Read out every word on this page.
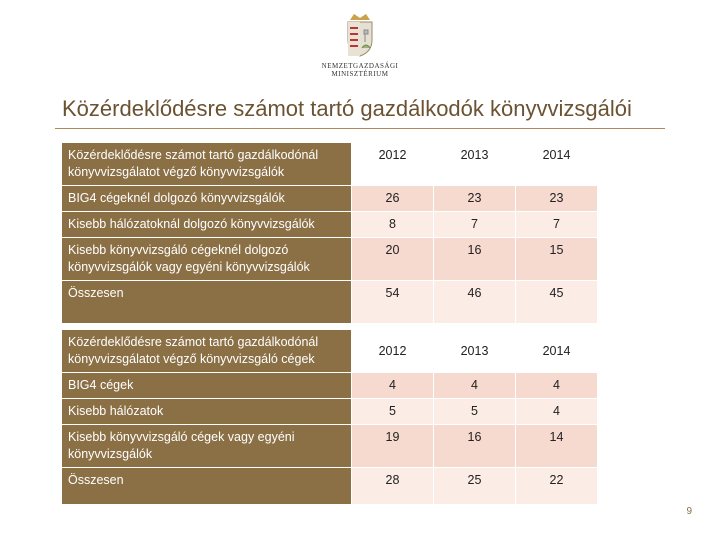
NEMZETGAZDASÁGI
MINISZTÉRIUM
Közérdeklődésre számot tartó gazdálkodók könyvvizsgálói
Közérdeklődésre számot tartó gazdálkodónál könyvvizsgálatot végző könyvvizsgálók	2012	2013	2014
BIG4 cégeknél dolgozó könyvvizsgálók	26	23	23
Kisebb hálózatoknál dolgozó könyvvizsgálók	8	7	7
Kisebb könyvvizsgáló cégeknél dolgozó könyvvizsgálók vagy egyéni könyvvizsgálók	20	16	15
Összesen	54	46	45
Közérdeklődésre számot tartó gazdálkodónál könyvvizsgálatot végző könyvvizsgáló cégek	2012	2013	2014
BIG4 cégek	4	4	4
Kisebb hálózatok	5	5	4
Kisebb könyvvizsgáló cégek vagy egyéni könyvvizsgálók	19	16	14
Összesen	28	25	22
9
